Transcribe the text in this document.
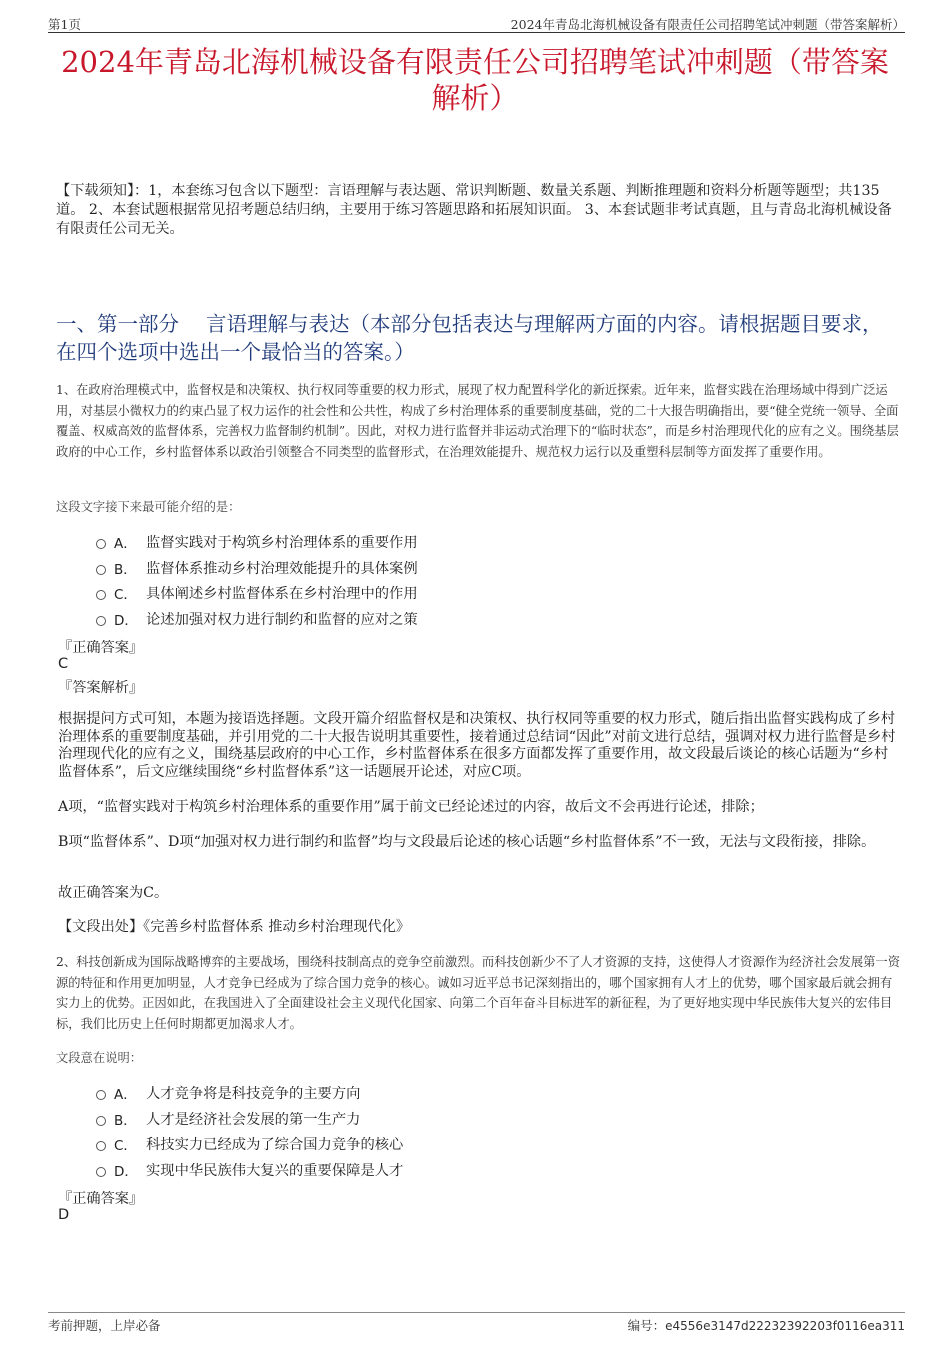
第1页	2024年青岛北海机械设备有限责任公司招聘笔试冲刺题（带答案解析）
2024年青岛北海机械设备有限责任公司招聘笔试冲刺题（带答案解析）
【下载须知】：1，本套练习包含以下题型：言语理解与表达题、常识判断题、数量关系题、判断推理题和资料分析题等题型；共135道。 2、本套试题根据常见招考题总结归纳，主要用于练习答题思路和拓展知识面。 3、本套试题非考试真题，且与青岛北海机械设备有限责任公司无关。
一、第一部分　 言语理解与表达（本部分包括表达与理解两方面的内容。请根据题目要求，在四个选项中选出一个最恰当的答案。）
1、在政府治理模式中，监督权是和决策权、执行权同等重要的权力形式，展现了权力配置科学化的新近探索。近年来，监督实践在治理场域中得到广泛运用，对基层小微权力的约束凸显了权力运作的社会性和公共性，构成了乡村治理体系的重要制度基础，党的二十大报告明确指出，要“健全党统一领导、全面覆盖、权威高效的监督体系，完善权力监督制约机制”。因此，对权力进行监督并非运动式治理下的“临时状态”，而是乡村治理现代化的应有之义。围绕基层政府的中心工作，乡村监督体系以政治引领整合不同类型的监督形式，在治理效能提升、规范权力运行以及重塑科层制等方面发挥了重要作用。
这段文字接下来最可能介绍的是：
A． 监督实践对于构筑乡村治理体系的重要作用
B． 监督体系推动乡村治理效能提升的具体案例
C． 具体阐述乡村监督体系在乡村治理中的作用
D． 论述加强对权力进行制约和监督的应对之策
『正确答案』
C
『答案解析』
根据提问方式可知，本题为接语选择题。文段开篇介绍监督权是和决策权、执行权同等重要的权力形式，随后指出监督实践构成了乡村治理体系的重要制度基础，并引用党的二十大报告说明其重要性，接着通过总结词“因此”对前文进行总结，强调对权力进行监督是乡村治理现代化的应有之义，围绕基层政府的中心工作，乡村监督体系在很多方面都发挥了重要作用，故文段最后谈论的核心话题为“乡村监督体系”，后文应继续围绕“乡村监督体系”这一话题展开论述，对应C项。
A项，“监督实践对于构筑乡村治理体系的重要作用”属于前文已经论述过的内容，故后文不会再进行论述，排除；
B项“监督体系”、D项“加强对权力进行制约和监督”均与文段最后论述的核心话题“乡村监督体系”不一致，无法与文段衔接，排除。
故正确答案为C。
【文段出处】《完善乡村监督体系 推动乡村治理现代化》
2、科技创新成为国际战略博弈的主要战场，围绕科技制高点的竞争空前激烈。而科技创新少不了人才资源的支持，这使得人才资源作为经济社会发展第一资源的特征和作用更加明显，人才竞争已经成为了综合国力竞争的核心。诚如习近平总书记深刻指出的，哪个国家拥有人才上的优势，哪个国家最后就会拥有实力上的优势。正因如此，在我国进入了全面建设社会主义现代化国家、向第二个百年奋斗目标进军的新征程，为了更好地实现中华民族伟大复兴的宏伟目标，我们比历史上任何时期都更加渴求人才。
文段意在说明：
A． 人才竞争将是科技竞争的主要方向
B． 人才是经济社会发展的第一生产力
C． 科技实力已经成为了综合国力竞争的核心
D． 实现中华民族伟大复兴的重要保障是人才
『正确答案』
D
考前押题，上岸必备	编号：e4556e3147d22232392203f0116ea311
